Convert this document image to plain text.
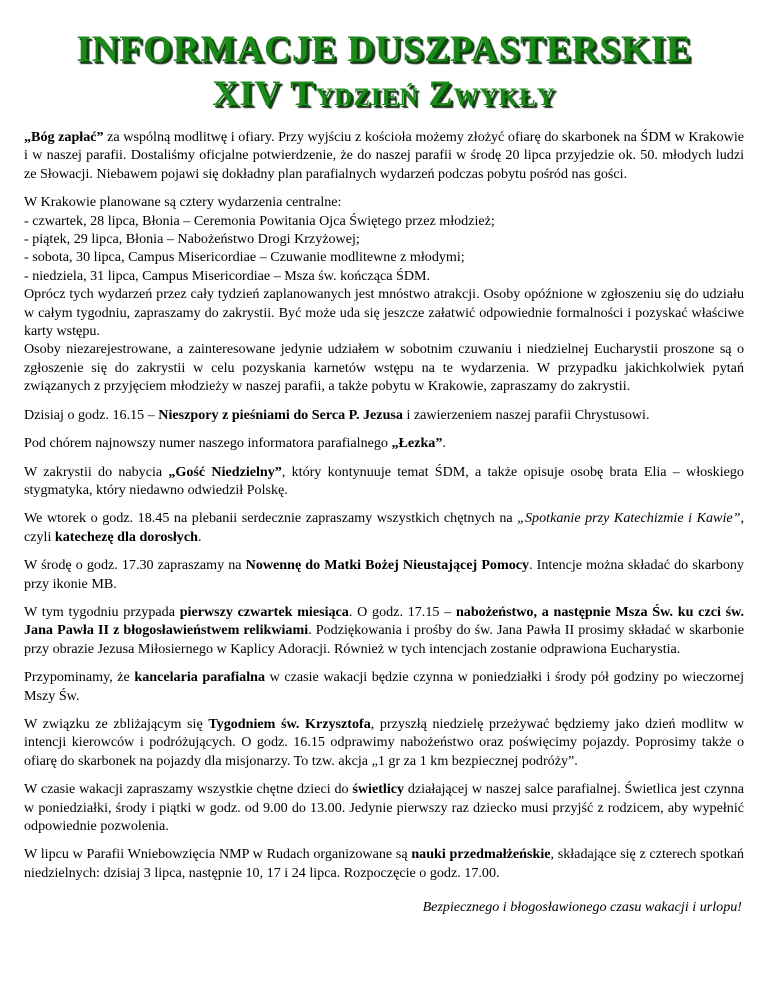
INFORMACJE DUSZPASTERSKIE
XIV Tydzień Zwykły

„Bóg zapłać” za wspólną modlitwę i ofiary. Przy wyjściu z kościoła możemy złożyć ofiarę do skarbonek na ŚDM w Krakowie i w naszej parafii. Dostaliśmy oficjalne potwierdzenie, że do naszej parafii w środę 20 lipca przyjedzie ok. 50. młodych ludzi ze Słowacji. Niebawem pojawi się dokładny plan parafialnych wydarzeń podczas pobytu pośród nas gości.

W Krakowie planowane są cztery wydarzenia centralne:

- czwartek, 28 lipca, Błonia – Ceremonia Powitania Ojca Świętego przez młodzież;

- piątek, 29 lipca, Błonia – Nabożeństwo Drogi Krzyżowej;

- sobota, 30 lipca, Campus Misericordiae – Czuwanie modlitewne z młodymi;

- niedziela, 31 lipca, Campus Misericordiae – Msza św. kończąca ŚDM.

Oprócz tych wydarzeń przez cały tydzień zaplanowanych jest mnóstwo atrakcji. Osoby opóźnione w zgłoszeniu się do udziału w całym tygodniu, zapraszamy do zakrystii. Być może uda się jeszcze załatwić odpowiednie formalności i pozyskać właściwe karty wstępu.

Osoby niezarejestrowane, a zainteresowane jedynie udziałem w sobotnim czuwaniu i niedzielnej Eucharystii proszone są o zgłoszenie się do zakrystii w celu pozyskania karnetów wstępu na te wydarzenia. W przypadku jakichkolwiek pytań związanych z przyjęciem młodzieży w naszej parafii, a także pobytu w Krakowie, zapraszamy do zakrystii.

Dzisiaj o godz. 16.15 – Nieszpory z pieśniami do Serca P. Jezusa i zawierzeniem naszej parafii Chrystusowi.

Pod chórem najnowszy numer naszego informatora parafialnego „Łezka”.

W zakrystii do nabycia „Gość Niedzielny”, który kontynuuje temat ŚDM, a także opisuje osobę brata Elia – włoskiego stygmatyka, który niedawno odwiedził Polskę.

We wtorek o godz. 18.45 na plebanii serdecznie zapraszamy wszystkich chętnych na „Spotkanie przy Katechizmie i Kawie”, czyli katechezę dla dorosłych.

W środę o godz. 17.30 zapraszamy na Nowennę do Matki Bożej Nieustającej Pomocy. Intencje można składać do skarbony przy ikonie MB.

W tym tygodniu przypada pierwszy czwartek miesiąca. O godz. 17.15 – nabożeństwo, a następnie Msza Św. ku czci św. Jana Pawła II z błogosławieństwem relikwiami. Podziękowania i prośby do św. Jana Pawła II prosimy składać w skarbonie przy obrazie Jezusa Miłosiernego w Kaplicy Adoracji. Również w tych intencjach zostanie odprawiona Eucharystia.

Przypominamy, że kancelaria parafialna w czasie wakacji będzie czynna w poniedziałki i środy pół godziny po wieczornej Mszy Św.

W związku ze zbliżającym się Tygodniem św. Krzysztofa, przyszłą niedzielę przeżywać będziemy jako dzień modlitw w intencji kierowców i podróżujących. O godz. 16.15 odprawimy nabożeństwo oraz poświęcimy pojazdy. Poprosimy także o ofiarę do skarbonek na pojazdy dla misjonarzy. To tzw. akcja „1 gr za 1 km bezpiecznej podróży”.

W czasie wakacji zapraszamy wszystkie chętne dzieci do świetlicy działającej w naszej salce parafialnej. Świetlica jest czynna w poniedziałki, środy i piątki w godz. od 9.00 do 13.00. Jedynie pierwszy raz dziecko musi przyjść z rodzicem, aby wypełnić odpowiednie pozwolenia.

W lipcu w Parafii Wniebowzięcia NMP w Rudach organizowane są nauki przedmałżeńskie, składające się z czterech spotkań niedzielnych: dzisiaj 3 lipca, następnie 10, 17 i 24 lipca. Rozpoczęcie o godz. 17.00.

Bezpiecznego i błogosławionego czasu wakacji i urlopu!
